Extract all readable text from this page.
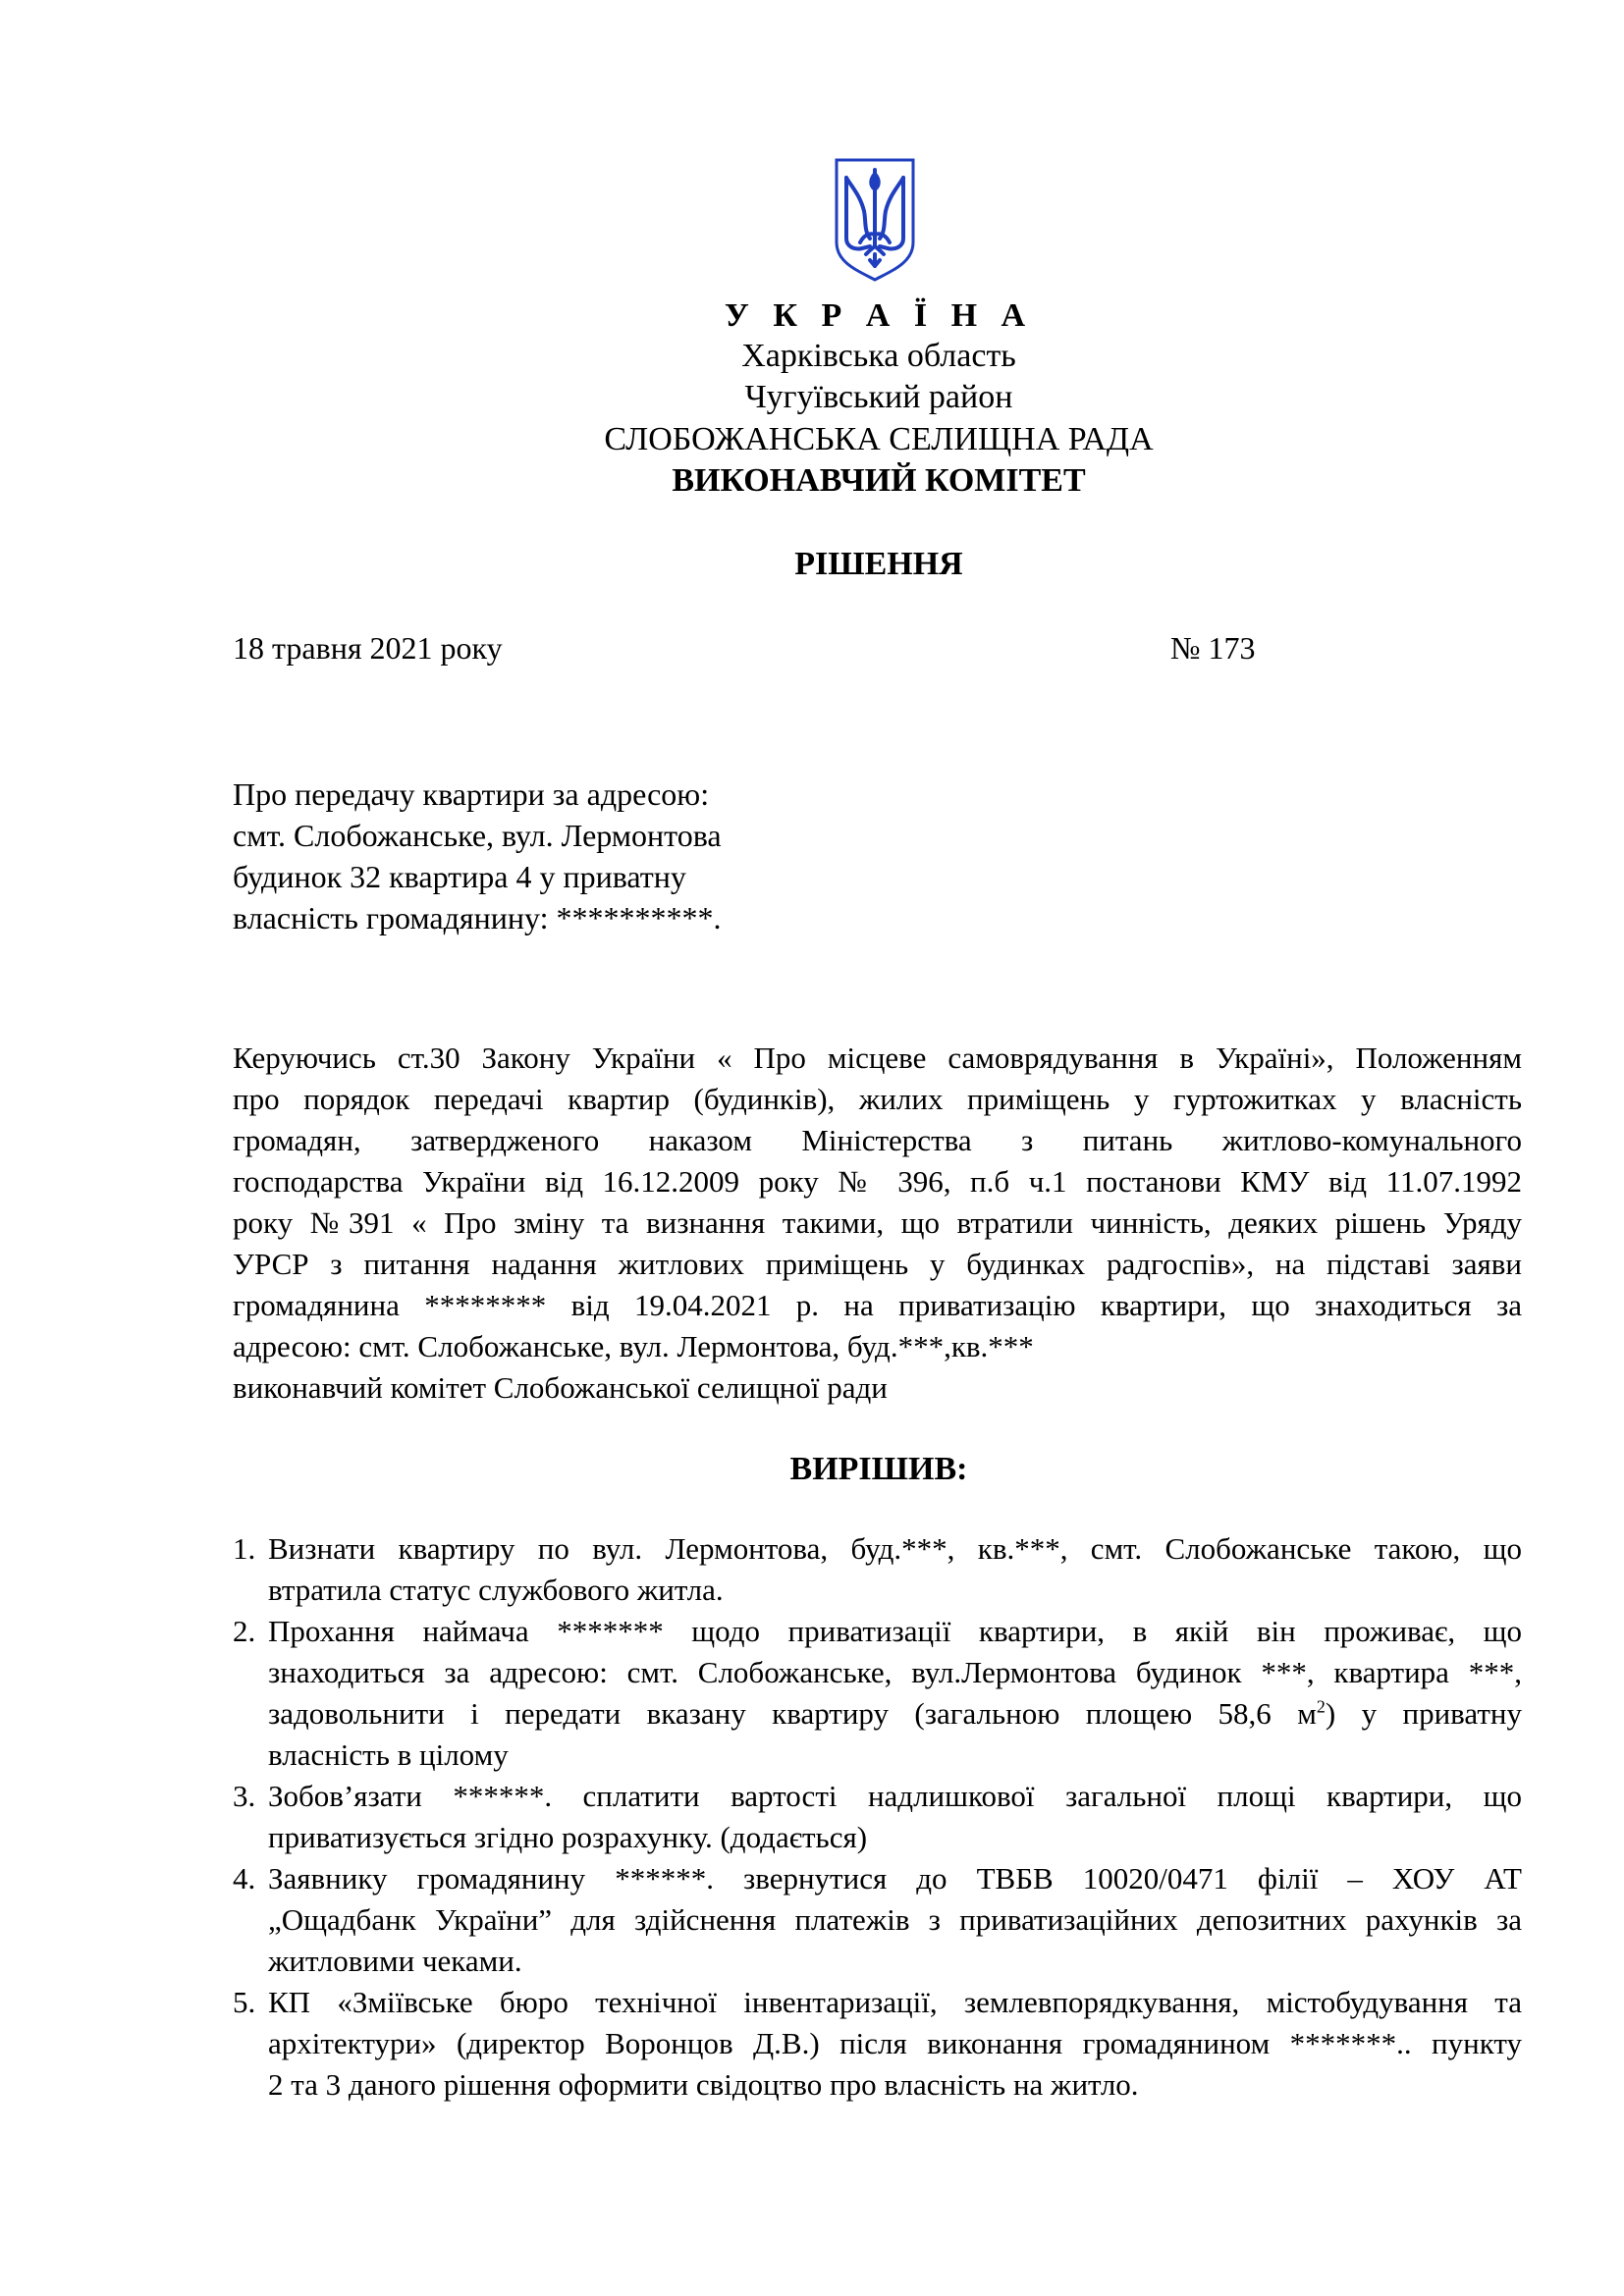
У К Р А Ї Н А
Харківська область
Чугуївський район
СЛОБОЖАНСЬКА СЕЛИЩНА РАДА
ВИКОНАВЧИЙ КОМІТЕТ
РІШЕННЯ
18 травня 2021 року	№ 173
Про передачу квартири за адресою:
смт. Слобожанське, вул. Лермонтова
будинок 32 квартира 4 у приватну
власність громадянину: **********.
Керуючись ст.30 Закону України « Про місцеве самоврядування в Україні», Положенням
про порядок передачі квартир (будинків), жилих приміщень у гуртожитках у власність
громадян, затвердженого наказом Міністерства з питань житлово-комунального
господарства України від 16.12.2009 року № 396, п.б ч.1 постанови КМУ від 11.07.1992
року №391 « Про зміну та визнання такими, що втратили чинність, деяких рішень Уряду
УРСР з питання надання житлових приміщень у будинках радгоспів», на підставі заяви
громадянина ******** від 19.04.2021 р. на приватизацію квартири, що знаходиться за
адресою: смт. Слобожанське, вул. Лермонтова, буд.***,кв.***
виконавчий комітет Слобожанської селищної ради
ВИРІШИВ:
1. Визнати квартиру по вул. Лермонтова, буд.***, кв.***, смт. Слобожанське такою, що
втратила статус службового житла.
2. Прохання наймача ******* щодо приватизації квартири, в якій він проживає, що
знаходиться за адресою: смт. Слобожанське, вул.Лермонтова будинок ***, квартира ***,
задовольнити і передати вказану квартиру (загальною площею 58,6 $м^2$) у приватну
власність в цілому
3. Зобов’язати ******. сплатити вартості надлишкової загальної площі квартири, що
приватизується згідно розрахунку. (додається)
4. Заявнику громадянину ******. звернутися до ТВБВ 10020/0471 філії – ХОУ АТ
„Ощадбанк України” для здійснення платежів з приватизаційних депозитних рахунків за
житловими чеками.
5. КП «Зміївське бюро технічної інвентаризації, землевпорядкування, містобудування та
архітектури» (директор Воронцов Д.В.) після виконання громадянином *******.. пункту
2 та 3 даного рішення оформити свідоцтво про власність на житло.
